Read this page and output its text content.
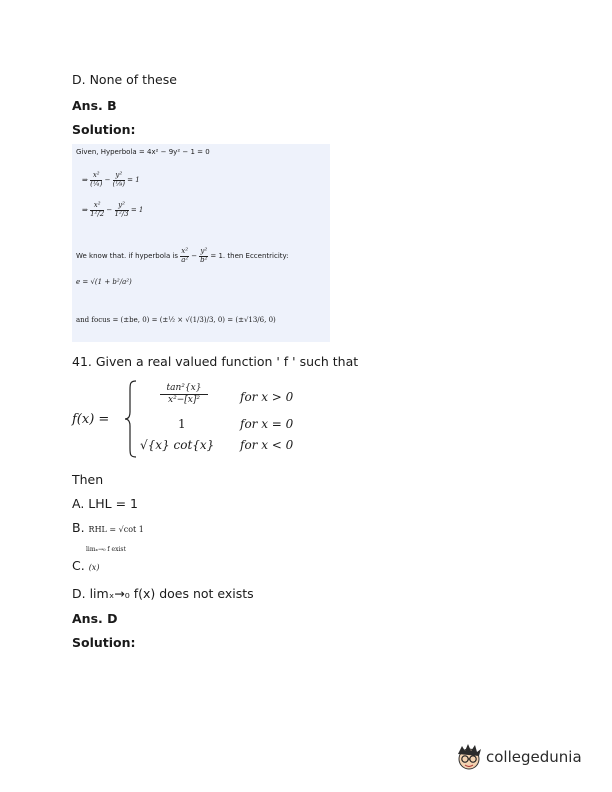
D. None of these
Ans. B
Solution:
Given, Hyperbola = 4x² − 9y² − 1 = 0
⇒ $\frac{\text{x²}}{\text{(¼)}} - \frac{\text{y²}}{\text{(⅑)}} = 1$
⇒ $\frac{\text{x²}}{\text{1²/2}} - \frac{\text{y²}}{\text{1²/3}} = 1$
We know that. if hyperbola is $\frac{\text{x²}}{\text{a²}} - \frac{\text{y²}}{\text{b²}} = 1$. then Eccentricity:
e = √(1 + b²/a²)
and focus = (±be, 0) = (±½ × √(1/3)/3, 0) = (±√13/6, 0)
41. Given a real valued function ' f ' such that
f(x) =
tan²{x}
x²−[x]²	for x > 0
1	for x = 0
√{x} cot{x} for x < 0
Then
A. LHL = 1
B. RHL = √cot 1
limₓ→₀ f exist
C. (x)
D. limₓ→₀ f(x) does not exists
Ans. D
Solution:
collegedunia
